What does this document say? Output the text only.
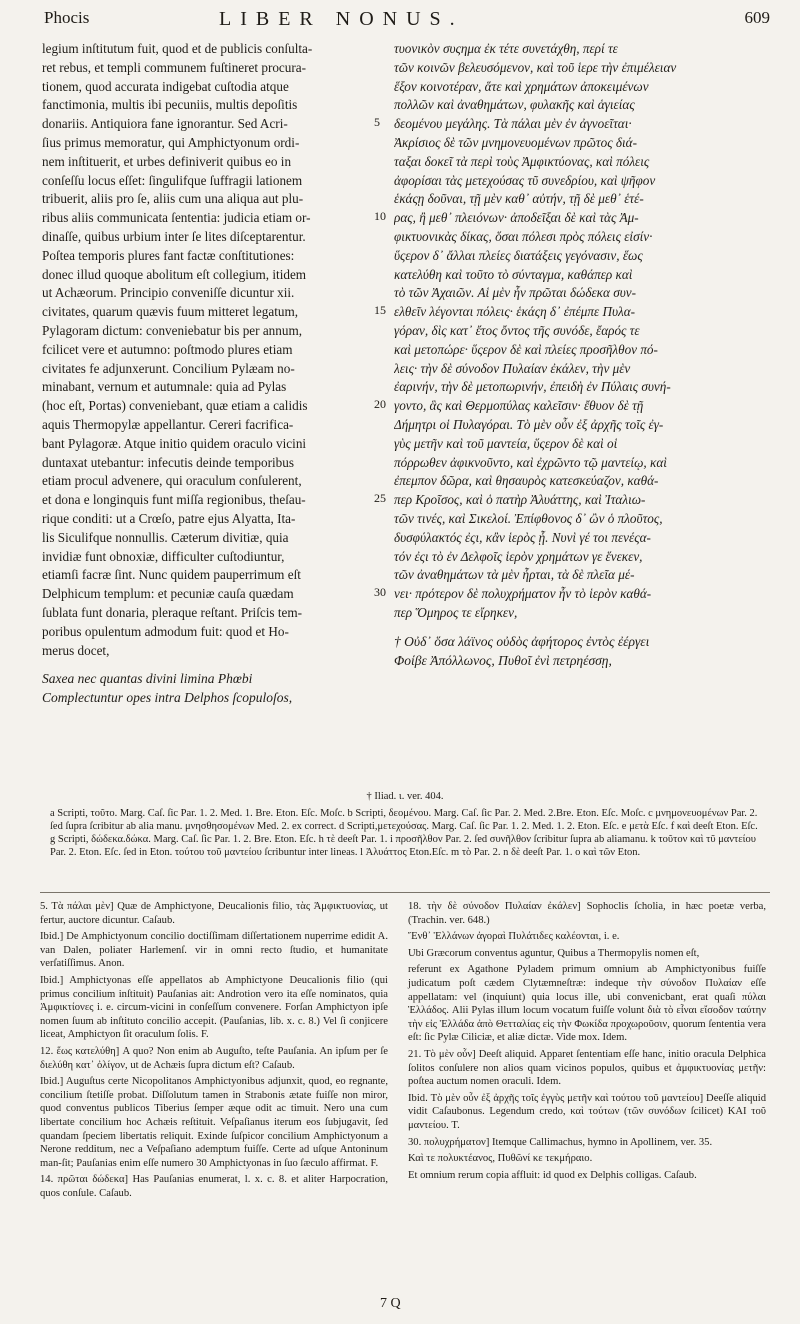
Phocis	LIBER NONUS.	609
legium inſtitutum fuit, quod et de publicis conſulta-
ret rebus, et templi communem fuſtineret procura-
tionem, quod accurata indigebat cuſtodia atque
fanctimonia, multis ibi pecuniis, multis depoſitis
donariis. Antiquiora fane ignorantur. Sed Acri-
ſius primus memoratur, qui Amphictyonum ordi-
nem inſtituerit, et urbes definiverit quibus eo in
conſeſſu locus eſſet: ſingulifque ſuffragii lationem
tribuerit, aliis pro ſe, aliis cum una aliqua aut plu-
ribus aliis communicata ſententia: judicia etiam or-
dinaſſe, quibus urbium inter ſe lites diſceptarentur.
Poſtea temporis plures fant factæ conſtitutiones:
donec illud quoque abolitum eſt collegium, itidem
ut Achæorum. Principio conveniſſe dicuntur xii.
civitates, quarum quævis fuum mitteret legatum,
Pylagoram dictum: conveniebatur bis per annum,
fcilicet vere et autumno: poſtmodo plures etiam
civitates fe adjunxerunt. Concilium Pylæam no-
minabant, vernum et autumnale: quia ad Pylas
(hoc eſt, Portas) conveniebant, quæ etiam a calidis
aquis Thermopylæ appellantur. Cereri facrifica-
bant Pylagoræ. Atque initio quidem oraculo vicini
duntaxat utebantur: infecutis deinde temporibus
etiam procul advenere, qui oraculum conſulerent,
et dona e longinquis funt miſſa regionibus, theſau-
rique conditi: ut a Crœſo, patre ejus Alyatta, Ita-
lis Siculifque nonnullis. Cæterum divitiæ, quia
invidiæ funt obnoxiæ, difficulter cuſtodiuntur,
etiamſi facræ ſint. Nunc quidem pauperrimum eſt
Delphicum templum: et pecuniæ cauſa quædam
ſublata funt donaria, pleraque reſtant. Priſcis tem-
poribus opulentum admodum fuit: quod et Ho-
merus docet,
Saxea nec quantas divini limina Phœbi
Complectuntur opes intra Delphos ſcopuloſos,
5
10
15
20
25
30
τυονικὸν συςημα ἐκ τέτε συνετάχθη, περί τε
τῶν κοινῶν βελευσόμενον, καὶ τοῦ ἱερε τὴν ἐπιμέλειαν
ἕξον κοινοτέραν, ἅτε καὶ χρημάτων ἀποκειμένων
πολλῶν καὶ ἀναθημάτων, φυλακῆς καὶ ἁγιείας
δεομένου μεγάλης. Τὰ πάλαι μὲν ἐν ἀγνοεῖται·
Ἀκρίσιος δὲ τῶν μνημονευομένων πρῶτος διά-
ταξαι δοκεῖ τὰ περὶ τοὺς Ἀμφικτύονας, καὶ πόλεις
ἀφορίσαι τὰς μετεχούσας τῦ συνεδρίου, καὶ ψῆφον
ἑκάςῃ δοῦναι, τῇ μὲν καθ᾽ αὐτήν, τῇ δὲ μεθ᾽ ἑτέ-
ρας, ἢ μεθ᾽ πλειόνων· ἀποδεῖξαι δὲ καὶ τὰς Ἀμ-
φικτυονικὰς δίκας, ὅσαι πόλεσι πρὸς πόλεις εἰσίν·
ὕςερον δ᾽ ἄλλαι πλείες διατάξεις γεγόνασιν, ἕως
κατελύθη καὶ τοῦτο τὸ σύνταγμα, καθάπερ καὶ
τὸ τῶν Ἀχαιῶν. Αἱ μὲν ἦν πρῶται δώδεκα συν-
ελθεῖν λέγονται πόλεις· ἑκάςη δ᾽ ἐπέμπε Πυλα-
γόραν, δὶς κατ᾽ ἔτος ὄντος τῆς συνόδε, ἔαρός τε
καὶ μετοπώρε· ὕςερον δὲ καὶ πλείες προσῆλθον πό-
λεις· τὴν δὲ σύνοδον Πυλαίαν ἐκάλεν, τὴν μὲν
ἐαρινήν, τὴν δὲ μετοπωρινήν, ἐπειδὴ ἐν Πύλαις συνή-
γοντο, ἃς καὶ Θερμοπύλας καλεῖσιν· ἔθυον δὲ τῇ
Δήμητρι οἱ Πυλαγόραι. Τὸ μὲν οὖν ἐξ ἀρχῆς τοῖς ἐγ-
γὺς μετῆν καὶ τοῦ μαντεία, ὕςερον δὲ καὶ οἱ
πόρρωθεν ἀφικνοῦντο, καὶ ἐχρῶντο τῷ μαντείῳ, καὶ
ἐπεμπον δῶρα, καὶ θησαυρὸς κατεσκεύαζον, καθά-
περ Κροῖσος, καὶ ὁ πατὴρ Ἀλυάττης, καὶ Ἰταλιω-
τῶν τινές, καὶ Σικελοί. Ἐπίφθονος δ᾽ ὢν ὁ πλοῦτος,
δυσφύλακτός ἐςι, κἂν ἱερὸς ᾖ. Νυνὶ γέ τοι πενέςα-
τόν ἐςι τὸ ἐν Δελφοῖς ἱερὸν χρημάτων γε ἕνεκεν,
τῶν ἀναθημάτων τὰ μὲν ἦρται, τὰ δὲ πλεῖα μέ-
νει· πρότερον δὲ πολυχρήματον ἦν τὸ ἱερὸν καθά-
περ Ὅμηρος τε εἴρηκεν,
† Οὐδ᾽ ὅσα λάϊνος οὐδὸς ἀφήτορος ἐντὸς ἐέργει
Φοίβε Ἀπόλλωνος, Πυθοῖ ἐνὶ πετρηέσσῃ,
† Iliad. ι. ver. 404.
a Scripti, τοῦτο. Marg. Caſ. ſic Par. 1. 2. Med. 1. Bre. Eton. Eſc. Moſc. b Scripti, δεομένου. Marg. Caſ. ſic Par. 2. Med. 2.Bre. Eton. Eſc. Moſc. c μνημονευομένων Par. 2. ſed ſupra ſcribitur ab alia manu. μνησθησομένων Med. 2. ex correct. d Scripti,μετεχούσας. Marg. Caſ. ſic Par. 1. 2. Med. 1. 2. Eton. Eſc. e μετὰ Eſc. f καὶ deeſt Eton. Eſc. g Scripti, δώδεκα.δώκα. Marg. Caſ. ſic Par. 1. 2. Bre. Eton. Eſc. h τὲ deeſt Par. 1. i προσῆλθον Par. 2. ſed συνῆλθον ſcribitur ſupra ab aliamanu. k τοῦτον καὶ τῦ μαντείου Par. 2. Eton. Eſc. ſed in Eton. τούτου τοῦ μαντείου ſcribuntur inter lineas. l Ἀλυάττος Eton.Eſc. m τὸ Par. 2. n δὲ deeſt Par. 1. o καὶ τῶν Eton.

5. Τὰ πάλαι μὲν] Quæ de Amphictyone, Deucalionis filio, τὰς Ἀμφικτυονίας, ut fertur, auctore dicuntur. Caſaub.

Ibid.] De Amphictyonum concilio doctiſſimam diſſertationem nuperrime edidit A. van Dalen, poliater Harlemenſ. vir in omni recto ſtudio, et humanitate verſatiſſimus. Anon.

Ibid.] Amphictyonas eſſe appellatos ab Amphictyone Deucalionis filio (qui primus concilium inſtituit) Pauſanias ait: Androtion vero ita eſſe nominatos, quia Ἀμφικτίονες i. e. circum-vicini in conſeſſum convenere. Forſan Amphictyon ipſe nomen ſuum ab inſtituto concilio accepit. (Pauſanias, lib. x. c. 8.) Vel ſi conjicere liceat, Amphictyon ſit oraculum ſolis. F.

12. ἕως κατελύθη] A quo? Non enim ab Auguſto, teſte Pauſania. An ipſum per ſe διελύθη κατ᾽ ὀλίγον, ut de Achæis ſupra dictum eſt? Caſaub.

Ibid.] Auguſtus certe Nicopolitanos Amphictyonibus adjunxit, quod, eo regnante, concilium ſtetiſſe probat. Diſſolutum tamen in Strabonis ætate fuiſſe non miror, quod conventus publicos Tiberius ſemper æque odit ac timuit. Nero una cum libertate concilium hoc Achæis reſtituit. Veſpaſianus iterum eos ſubjugavit, ſed quandam ſpeciem libertatis reliquit. Exinde ſuſpicor concilium Amphictyonum a Nerone redditum, nec a Veſpaſiano ademptum fuiſſe. Certe ad uſque Antoninum man-ſit; Pauſanias enim eſſe numero 30 Amphictyonas in ſuo ſæculo affirmat. F.

14. πρῶται δώδεκα] Has Pauſanias enumerat, l. x. c. 8. et aliter Harpocration, quos conſule. Caſaub.

18. τὴν δὲ σύνοδον Πυλαίαν ἐκάλεν] Sophoclis ſcholia, in hæc poetæ verba, (Trachin. ver. 648.)

Ἔνθ᾽ Ἑλλάνων ἀγοραὶ Πυλάτιδες καλέονται, i. e.

Ubi Græcorum conventus aguntur, Quibus a Thermopylis nomen eſt,

referunt ex Agathone Pyladem primum omnium ab Amphictyonibus fuiſſe judicatum poſt cædem Clytæmneſtræ: indeque τὴν σύνοδον Πυλαίαν eſſe appellatam: vel (inquiunt) quia locus ille, ubi convenicbant, erat quaſi πύλαι Ἑλλάδος. Alii Pylas illum locum vocatum fuiſſe volunt διὰ τὸ εἶναι εἴσοδον ταύτην τὴν εἰς Ἑλλάδα ἀπὸ Θετταλίας εἰς τὴν Φωκίδα προχωροῦσιν, quorum ſententia vera eſt: ſic Pylæ Ciliciæ, et aliæ dictæ. Vide mox. Idem.

21. Τὸ μὲν οὖν] Deeſt aliquid. Apparet ſententiam eſſe hanc, initio oracula Delphica ſolitos conſulere non alios quam vicinos populos, quibus et ἀμφικτυονίας μετῆν: poſtea auctum nomen oraculi. Idem.

Ibid. Τὸ μὲν οὖν ἐξ ἀρχῆς τοῖς ἐγγὺς μετῆν καὶ τούτου τοῦ μαντείου] Deeſſe aliquid vidit Caſaubonus. Legendum credo, καὶ τούτων (τῶν συνόδων ſcilicet) ΚΑΙ τοῦ μαντείου. T.

30. πολυχρήματον] Itemque Callimachus, hymno in Apollinem, ver. 35.

Καὶ τε πολυκτέανος, Πυθῶνί κε τεκμήραιο.

Et omnium rerum copia affluit: id quod ex Delphis colligas. Caſaub.

7 Q
